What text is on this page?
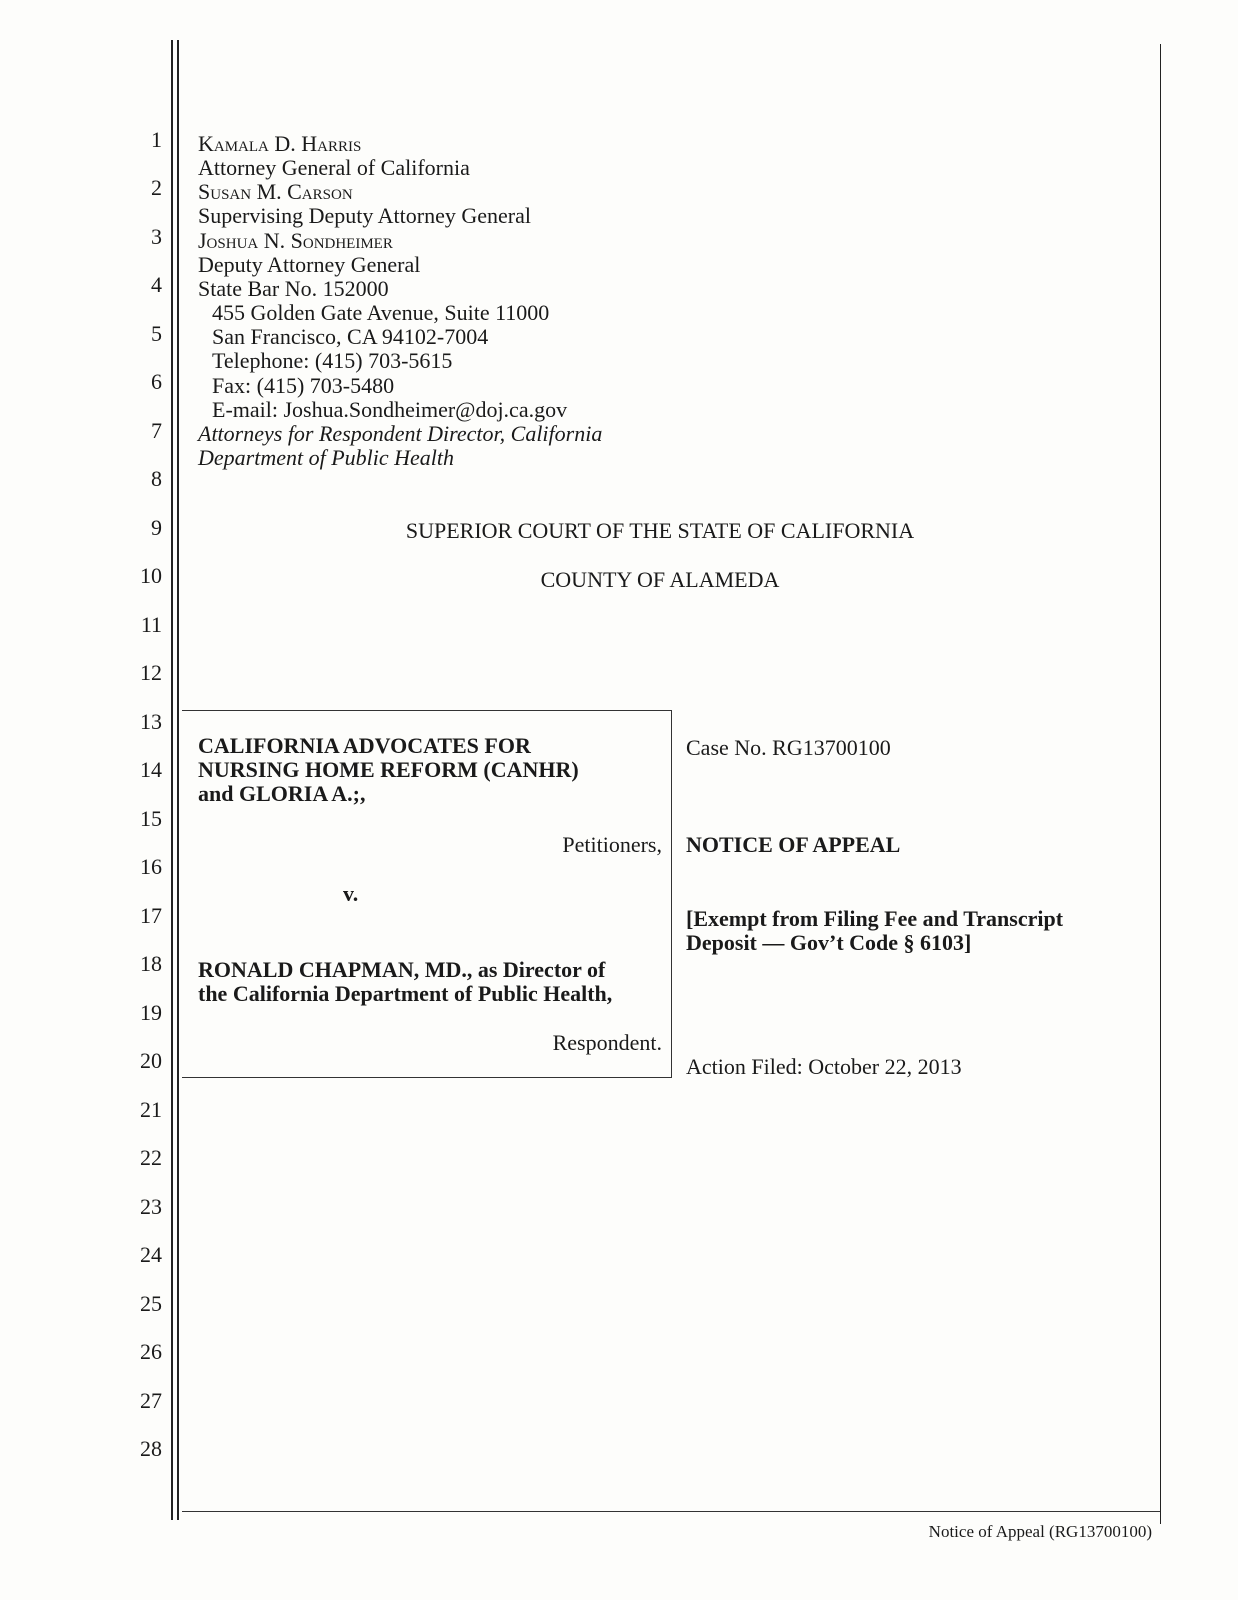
1
2
3
4
5
6
7
8
9
10
11
12
13
14
15
16
17
18
19
20
21
22
23
24
25
26
27
28
Kamala D. Harris
Attorney General of California
Susan M. Carson
Supervising Deputy Attorney General
Joshua N. Sondheimer
Deputy Attorney General
State Bar No. 152000
455 Golden Gate Avenue, Suite 11000
San Francisco, CA 94102-7004
Telephone: (415) 703-5615
Fax: (415) 703-5480
E-mail: Joshua.Sondheimer@doj.ca.gov
Attorneys for Respondent Director, California
Department of Public Health
SUPERIOR COURT OF THE STATE OF CALIFORNIA
COUNTY OF ALAMEDA
CALIFORNIA ADVOCATES FOR
NURSING HOME REFORM (CANHR)
and GLORIA A.;,
Petitioners,
v.
RONALD CHAPMAN, MD., as Director of
the California Department of Public Health,
Respondent.
Case No. RG13700100
NOTICE OF APPEAL
[Exempt from Filing Fee and Transcript
Deposit — Gov’t Code § 6103]
Action Filed: October 22, 2013
Notice of Appeal (RG13700100)
